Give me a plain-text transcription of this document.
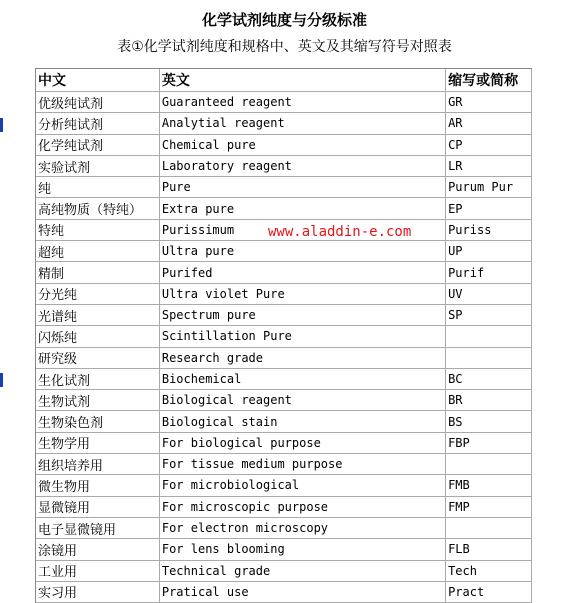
化学试剂纯度与分级标准
表①化学试剂纯度和规格中、英文及其缩写符号对照表
中文	英文	缩写或简称
优级纯试剂	Guaranteed reagent	GR
分析纯试剂	Analytial reagent	AR
化学纯试剂	Chemical pure	CP
实验试剂	Laboratory reagent	LR
纯	Pure	Purum Pur
高纯物质（特纯）	Extra pure	EP
特纯	Purissimum	Puriss
超纯	Ultra pure	UP
精制	Purifed	Purif
分光纯	Ultra violet Pure	UV
光谱纯	Spectrum pure	SP
闪烁纯	Scintillation Pure	
研究级	Research grade	
生化试剂	Biochemical	BC
生物试剂	Biological reagent	BR
生物染色剂	Biological stain	BS
生物学用	For biological purpose	FBP
组织培养用	For tissue medium purpose	
微生物用	For microbiological	FMB
显微镜用	For microscopic purpose	FMP
电子显微镜用	For electron microscopy	
涂镜用	For lens blooming	FLB
工业用	Technical grade	Tech
实习用	Pratical use	Pract
www.aladdin-e.com
